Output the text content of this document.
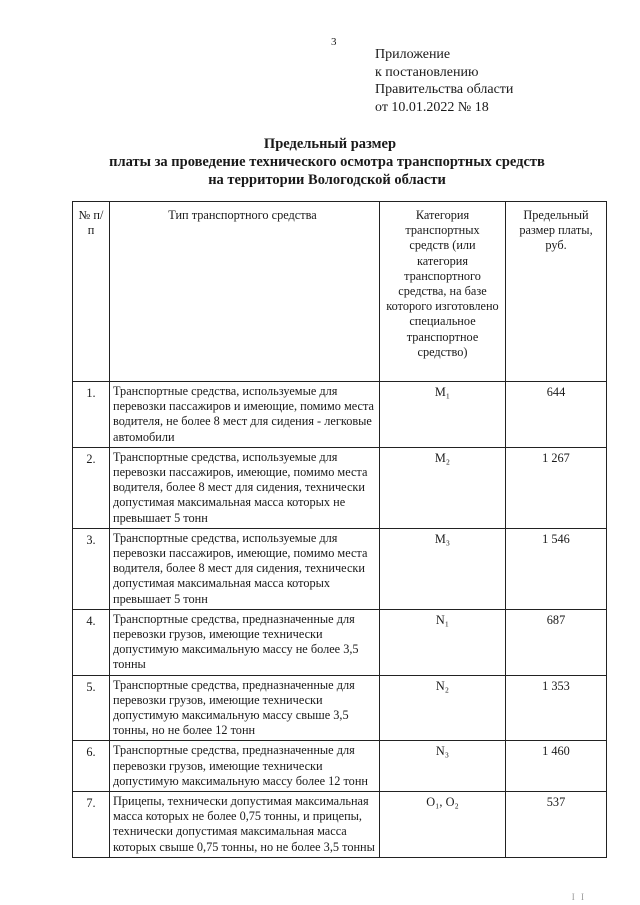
3
Приложение
к постановлению
Правительства области
от 10.01.2022 № 18
Предельный размер
платы за проведение технического осмотра транспортных средств
на территории Вологодской области
№ п/п	Тип транспортного средства	Категория транспортных средств (или категория транспортного средства, на базе которого изготовлено специальное транспортное средство)	Предельный размер платы, руб.
1.	Транспортные средства, используемые для перевозки пассажиров и имеющие, помимо места водителя, не более 8 мест для сидения - легковые автомобили	M₁	644
2.	Транспортные средства, используемые для перевозки пассажиров, имеющие, помимо места водителя, более 8 мест для сидения, технически допустимая максимальная масса которых не превышает 5 тонн	M₂	1 267
3.	Транспортные средства, используемые для перевозки пассажиров, имеющие, помимо места водителя, более 8 мест для сидения, технически допустимая максимальная масса которых превышает 5 тонн	M₃	1 546
4.	Транспортные средства, предназначенные для перевозки грузов, имеющие технически допустимую максимальную массу не более 3,5 тонны	N₁	687
5.	Транспортные средства, предназначенные для перевозки грузов, имеющие технически допустимую максимальную массу свыше 3,5 тонны, но не более 12 тонн	N₂	1 353
6.	Транспортные средства, предназначенные для перевозки грузов, имеющие технически допустимую максимальную массу более 12 тонн	N₃	1 460
7.	Прицепы, технически допустимая максимальная масса которых не более 0,75 тонны, и прицепы, технически допустимая максимальная масса которых свыше 0,75 тонны, но не более 3,5 тонны	O₁, O₂	537
I I
